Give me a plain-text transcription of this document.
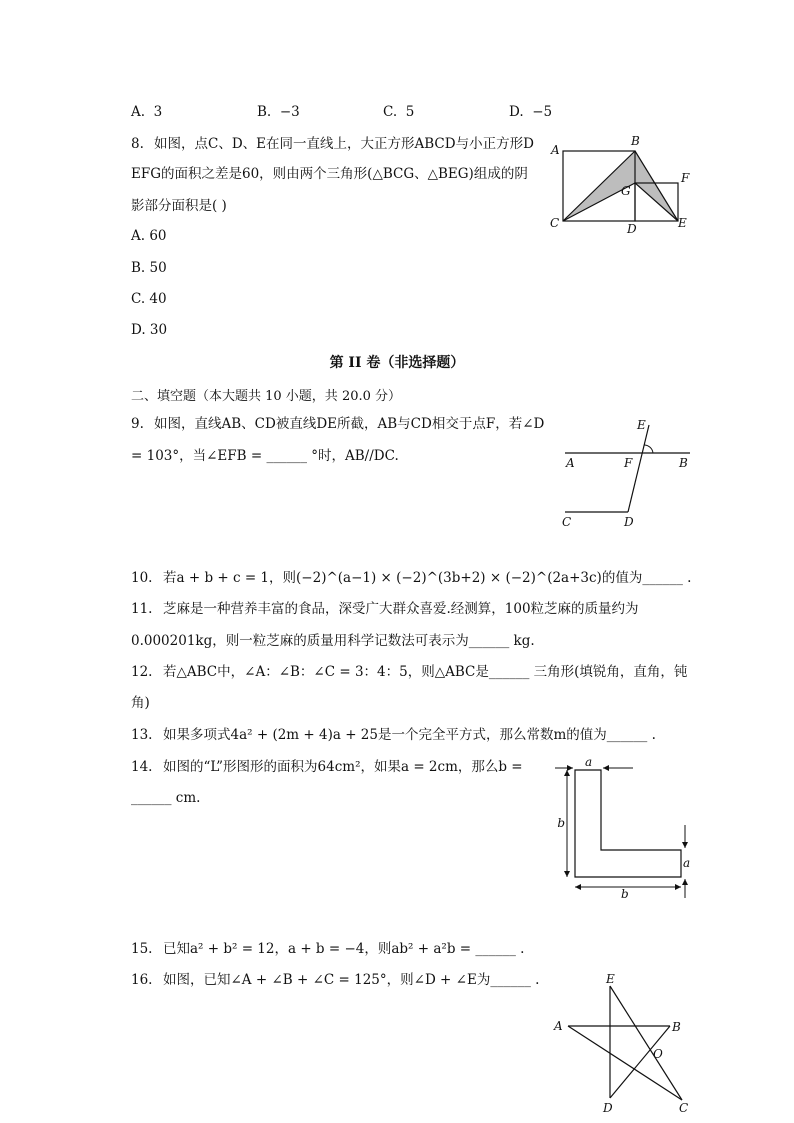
A. 3	B. −3	C. 5	D. −5
8. 如图，点C、D、E在同一直线上，大正方形ABCD与小正方形D
EFG的面积之差是60，则由两个三角形(△BCG、△BEG)组成的阴
影部分面积是( )
A. 60
B. 50
C. 40
D. 30
A
B
C	D	E
F
G
第 II 卷（非选择题）
二、填空题（本大题共 10 小题，共 20.0 分）
9. 如图，直线AB、CD被直线DE所截，AB与CD相交于点F，若∠D
= 103°，当∠EFB = ______ °时，AB//DC.
E
A	F	B
C	D
10. 若a + b + c = 1，则(−2)^(a−1) × (−2)^(3b+2) × (−2)^(2a+3c)的值为______ .
11. 芝麻是一种营养丰富的食品，深受广大群众喜爱.经测算，100粒芝麻的质量约为
0.000201kg，则一粒芝麻的质量用科学记数法可表示为______ kg.
12. 若△ABC中，∠A：∠B：∠C = 3：4：5，则△ABC是______ 三角形(填锐角，直角，钝
角)
13. 如果多项式4a² + (2m + 4)a + 25是一个完全平方式，那么常数m的值为______ .
14. 如图的“L”形图形的面积为64cm²，如果a = 2cm，那么b =
______ cm.
a
b
a
b
15. 已知a² + b² = 12，a + b = −4，则ab² + a²b = ______ .
16. 如图，已知∠A + ∠B + ∠C = 125°，则∠D + ∠E为______ .	E
A	B
O
D	C
